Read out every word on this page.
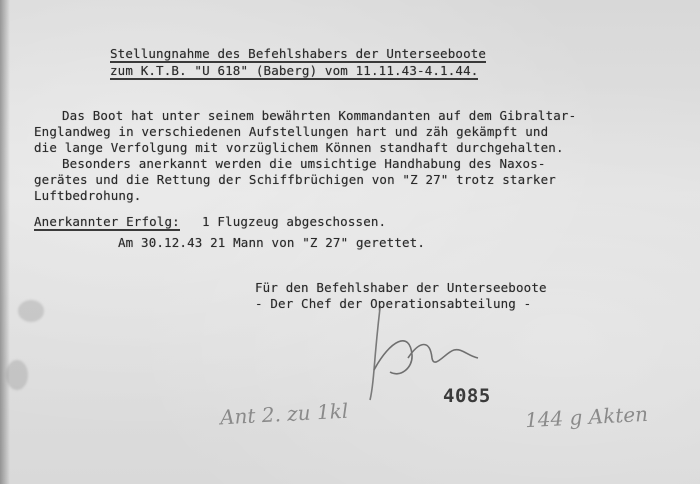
Stellungnahme des Befehlshabers der Unterseeboote
zum K.T.B. "U 618" (Baberg) vom 11.11.43-4.1.44.
Das Boot hat unter seinem bewährten Kommandanten auf dem Gibraltar-
Englandweg in verschiedenen Aufstellungen hart und zäh gekämpft und
die lange Verfolgung mit vorzüglichem Können standhaft durchgehalten.
Besonders anerkannt werden die umsichtige Handhabung des Naxos-
gerätes und die Rettung der Schiffbrüchigen von "Z 27" trotz starker
Luftbedrohung.
Anerkannter Erfolg: 1 Flugzeug abgeschossen.
Am 30.12.43 21 Mann von "Z 27" gerettet.
Für den Befehlshaber der Unterseeboote
- Der Chef der Operationsabteilung -
4085
Ant 2. zu 1kl	144 g Akten
